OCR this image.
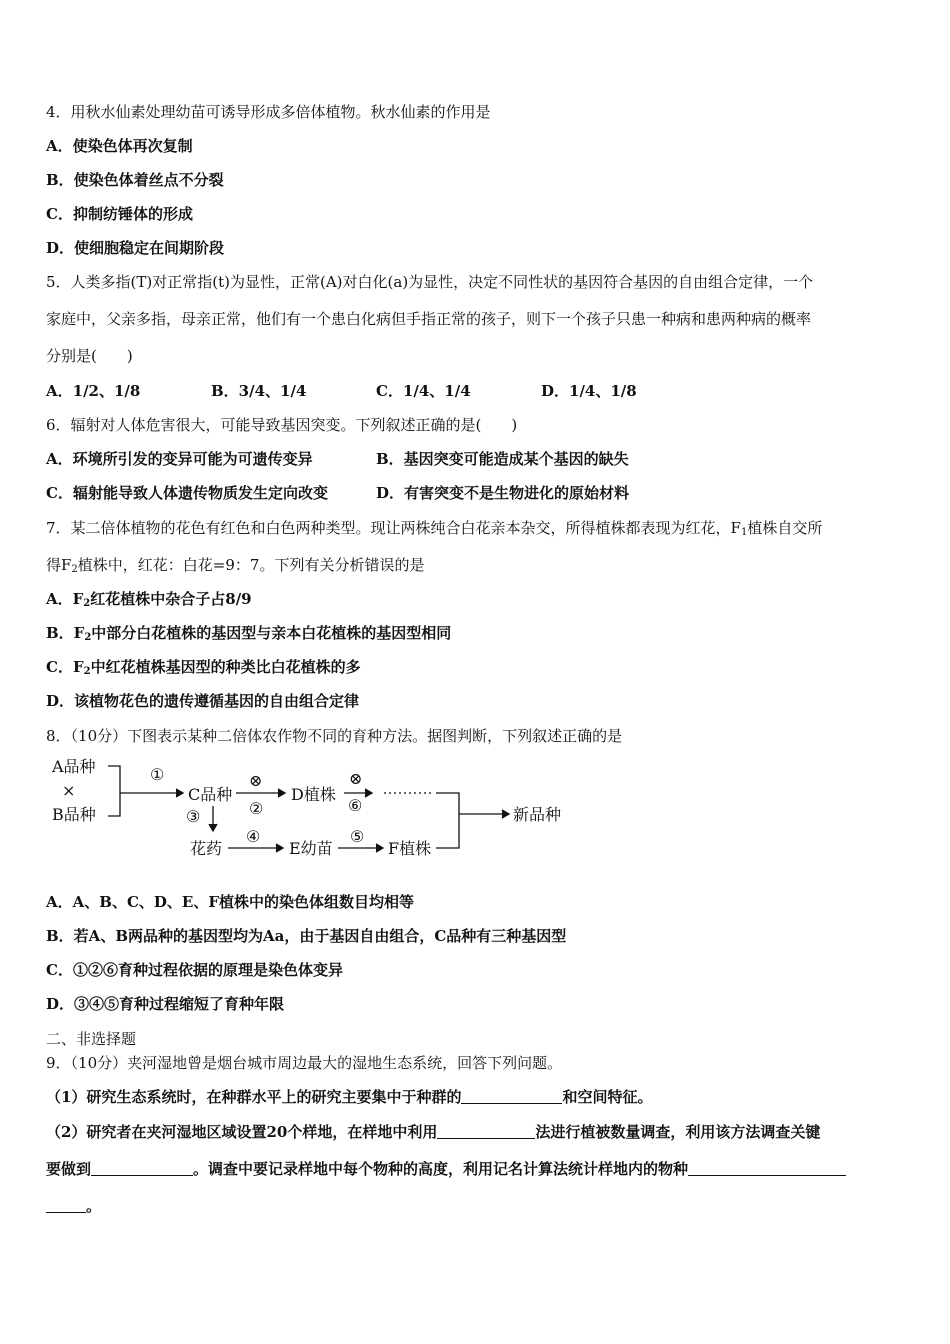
4．用秋水仙素处理幼苗可诱导形成多倍体植物。秋水仙素的作用是
A．使染色体再次复制
B．使染色体着丝点不分裂
C．抑制纺锤体的形成
D．使细胞稳定在间期阶段
5．人类多指(T)对正常指(t)为显性，正常(A)对白化(a)为显性，决定不同性状的基因符合基因的自由组合定律，一个
家庭中，父亲多指，母亲正常，他们有一个患白化病但手指正常的孩子，则下一个孩子只患一种病和患两种病的概率
分别是(　　)
A．1/2、1/8	B．3/4、1/4	C．1/4、1/4	D．1/4、1/8
6．辐射对人体危害很大，可能导致基因突变。下列叙述正确的是(　　)
A．环境所引发的变异可能为可遗传变异	B．基因突变可能造成某个基因的缺失
C．辐射能导致人体遗传物质发生定向改变	D．有害突变不是生物进化的原始材料
7．某二倍体植物的花色有红色和白色两种类型。现让两株纯合白花亲本杂交，所得植株都表现为红花，$F_1$植株自交所
得$F_2$植株中，红花：白花=9：7。下列有关分析错误的是
A．$F_2$红花植株中杂合子占8/9
B．$F_2$中部分白花植株的基因型与亲本白花植株的基因型相同
C．$F_2$中红花植株基因型的种类比白花植株的多
D．该植物花色的遗传遵循基因的自由组合定律
8．（10分）下图表示某种二倍体农作物不同的育种方法。据图判断，下列叙述正确的是
A品种
×
B品种
C品种	D植株
花药	E幼苗	F植株
新品种
①
②
③
④	⑤
⑥
⊗	⊗
A．A、B、C、D、E、F植株中的染色体组数目均相等
B．若A、B两品种的基因型均为Aa，由于基因自由组合，C品种有三种基因型
C．①②⑥育种过程依据的原理是染色体变异
D．③④⑤育种过程缩短了育种年限
二、非选择题
9．（10分）夹河湿地曾是烟台城市周边最大的湿地生态系统，回答下列问题。
（1）研究生态系统时，在种群水平上的研究主要集中于种群的	和空间特征。
（2）研究者在夹河湿地区域设置20个样地，在样地中利用	法进行植被数量调查，利用该方法调查关键
要做到	。调查中要记录样地中每个物种的高度，利用记名计算法统计样地内的物种
。
